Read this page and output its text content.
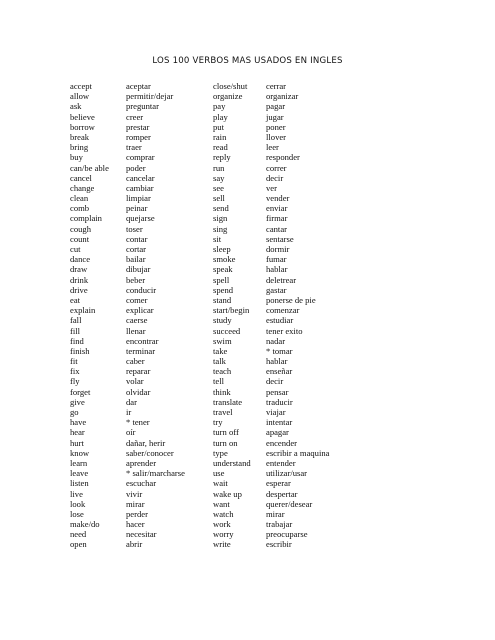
LOS 100 VERBOS MAS USADOS EN INGLES
accept
allow
ask
believe
borrow
break
bring
buy
can/be able
cancel
change
clean
comb
complain
cough
count
cut
dance
draw
drink
drive
eat
explain
fall
fill
find
finish
fit
fix
fly
forget
give
go
have
hear
hurt
know
learn
leave
listen
live
look
lose
make/do
need
open
aceptar
permitir/dejar
preguntar
creer
prestar
romper
traer
comprar
poder
cancelar
cambiar
limpiar
peinar
quejarse
toser
contar
cortar
bailar
dibujar
beber
conducir
comer
explicar
caerse
llenar
encontrar
terminar
caber
reparar
volar
olvidar
dar
ir
* tener
oír
dañar, herir
saber/conocer
aprender
* salir/marcharse
escuchar
vivir
mirar
perder
hacer
necesitar
abrir
close/shut
organize
pay
play
put
rain
read
reply
run
say
see
sell
send
sign
sing
sit
sleep
smoke
speak
spell
spend
stand
start/begin
study
succeed
swim
take
talk
teach
tell
think
translate
travel
try
turn off
turn on
type
understand
use
wait
wake up
want
watch
work
worry
write
cerrar
organizar
pagar
jugar
poner
llover
leer
responder
correr
decir
ver
vender
enviar
firmar
cantar
sentarse
dormir
fumar
hablar
deletrear
gastar
ponerse de pie
comenzar
estudiar
tener exito
nadar
* tomar
hablar
enseñar
decir
pensar
traducir
viajar
intentar
apagar
encender
escribir a maquina
entender
utilizar/usar
esperar
despertar
querer/desear
mirar
trabajar
preocuparse
escribir
